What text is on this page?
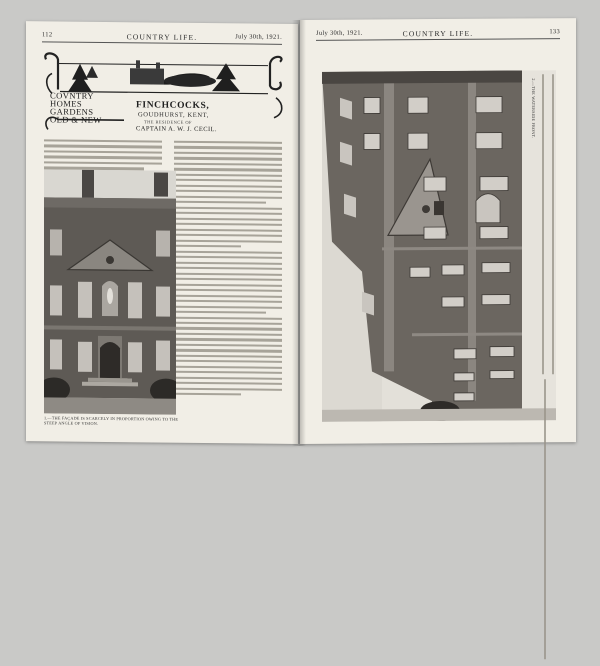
112	COUNTRY LIFE.	July 30th, 1921.
COVNTRY
HOMES
GARDENS
OLD & NEW
FINCHCOCKS,
GOUDHURST, KENT,
THE RESIDENCE OF
CAPTAIN A. W. J. CECIL.
1.—THE FAÇADE IS SCARCELY IN PROPORTION OWING TO THE STEEP ANGLE OF VISION.
July 30th, 1921.	COUNTRY LIFE.	133
2.—THE WATERSIDE FRONT.
